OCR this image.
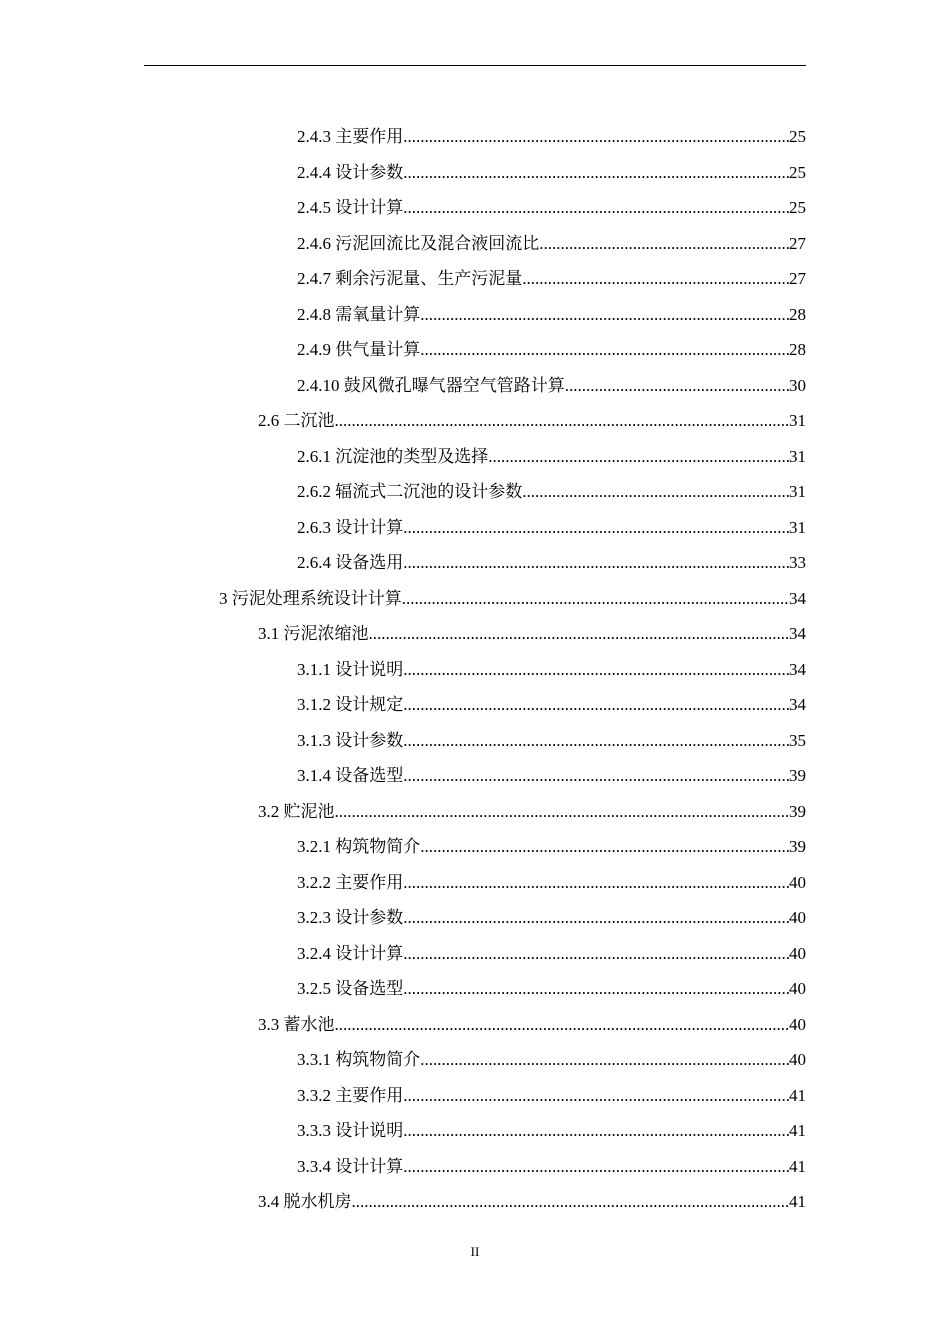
2.4.3 主要作用 .....	25
2.4.4 设计参数 .....	25
2.4.5 设计计算 .....	25
2.4.6 污泥回流比及混合液回流比 .....	27
2.4.7 剩余污泥量、生产污泥量 .....	27
2.4.8 需氧量计算 .....	28
2.4.9 供气量计算 .....	28
2.4.10 鼓风微孔曝气器空气管路计算 .....	30
2.6 二沉池 .....	31
2.6.1 沉淀池的类型及选择 .....	31
2.6.2 辐流式二沉池的设计参数 .....	31
2.6.3 设计计算 .....	31
2.6.4 设备选用 .....	33
3 污泥处理系统设计计算 .....	34
3.1 污泥浓缩池 .....	34
3.1.1 设计说明 .....	34
3.1.2 设计规定 .....	34
3.1.3 设计参数 .....	35
3.1.4 设备选型 .....	39
3.2 贮泥池 .....	39
3.2.1 构筑物简介 .....	39
3.2.2 主要作用 .....	40
3.2.3 设计参数 .....	40
3.2.4 设计计算 .....	40
3.2.5 设备选型 .....	40
3.3 蓄水池 .....	40
3.3.1 构筑物简介 .....	40
3.3.2 主要作用 .....	41
3.3.3 设计说明 .....	41
3.3.4 设计计算 .....	41
3.4 脱水机房 .....	41
II
